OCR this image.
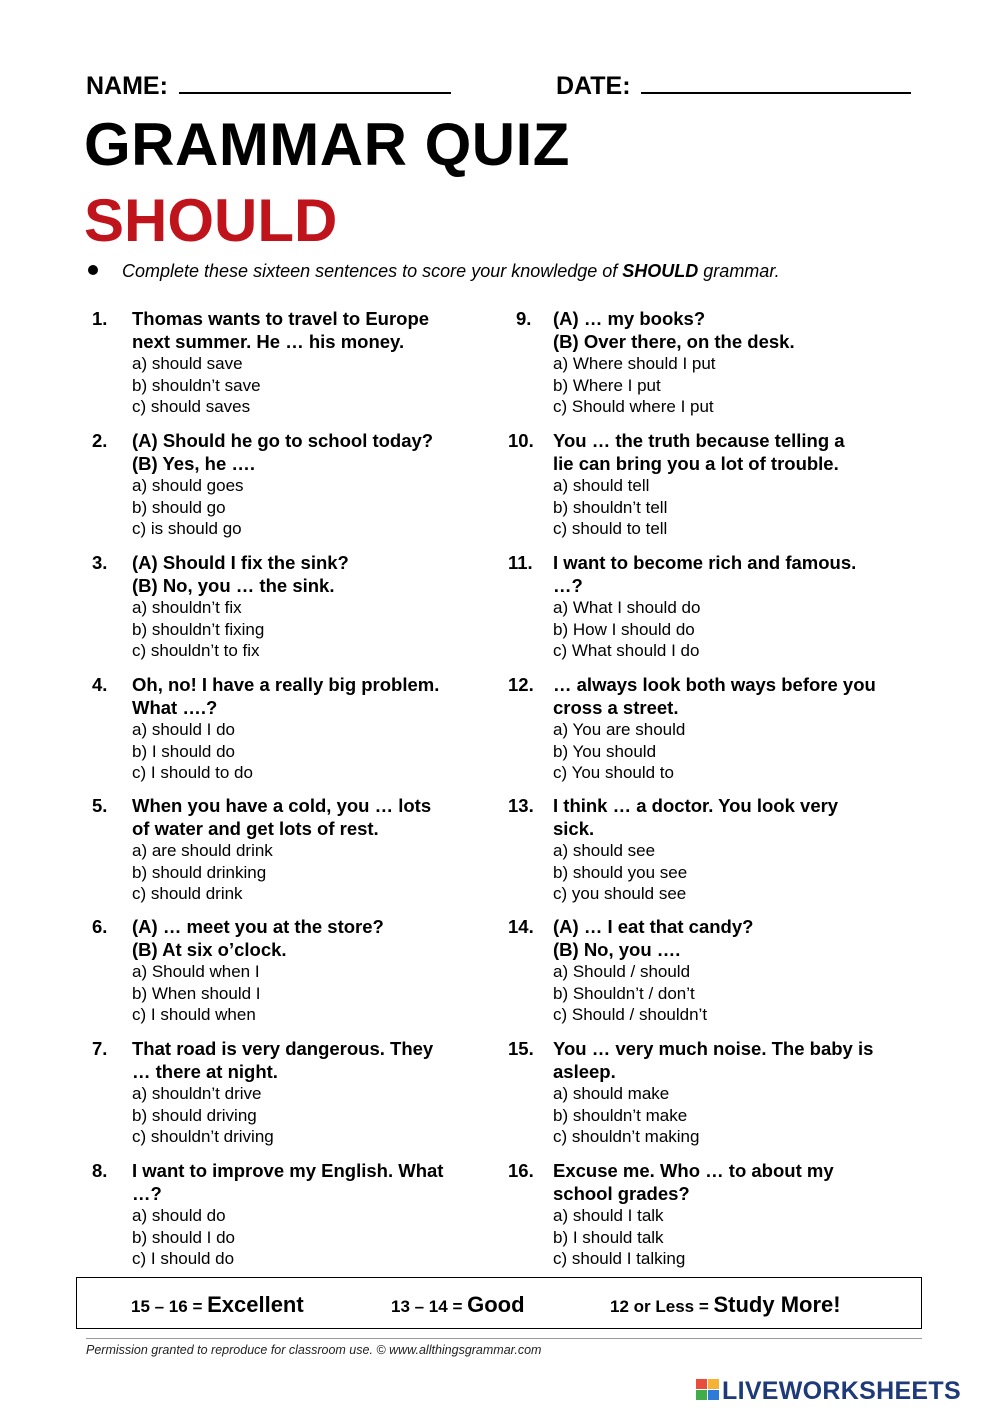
NAME:	DATE:
GRAMMAR QUIZ
SHOULD
Complete these sixteen sentences to score your knowledge of SHOULD grammar.
1. Thomas wants to travel to Europe
next summer. He … his money.
a) should save
b) shouldn’t save
c) should saves
2. (A) Should he go to school today?
(B) Yes, he ….
a) should goes
b) should go
c) is should go
3. (A) Should I fix the sink?
(B) No, you … the sink.
a) shouldn’t fix
b) shouldn’t fixing
c) shouldn’t to fix
4. Oh, no! I have a really big problem.
What ….?
a) should I do
b) I should do
c) I should to do
5. When you have a cold, you … lots
of water and get lots of rest.
a) are should drink
b) should drinking
c) should drink
6. (A) … meet you at the store?
(B) At six o’clock.
a) Should when I
b) When should I
c) I should when
7. That road is very dangerous. They
… there at night.
a) shouldn’t drive
b) should driving
c) shouldn’t driving
8. I want to improve my English. What
…?
a) should do
b) should I do
c) I should do
9. (A) … my books?
(B) Over there, on the desk.
a) Where should I put
b) Where I put
c) Should where I put
10. You … the truth because telling a
lie can bring you a lot of trouble.
a) should tell
b) shouldn’t tell
c) should to tell
11. I want to become rich and famous.
…?
a) What I should do
b) How I should do
c) What should I do
12. … always look both ways before you
cross a street.
a) You are should
b) You should
c) You should to
13. I think … a doctor. You look very
sick.
a) should see
b) should you see
c) you should see
14. (A) … I eat that candy?
(B) No, you ….
a) Should / should
b) Shouldn’t / don’t
c) Should / shouldn’t
15. You … very much noise. The baby is
asleep.
a) should make
b) shouldn’t make
c) shouldn’t making
16. Excuse me. Who … to about my
school grades?
a) should I talk
b) I should talk
c) should I talking
15 – 16 = Excellent	13 – 14 = Good	12 or Less = Study More!
Permission granted to reproduce for classroom use. © www.allthingsgrammar.com
LIVEWORKSHEETS
